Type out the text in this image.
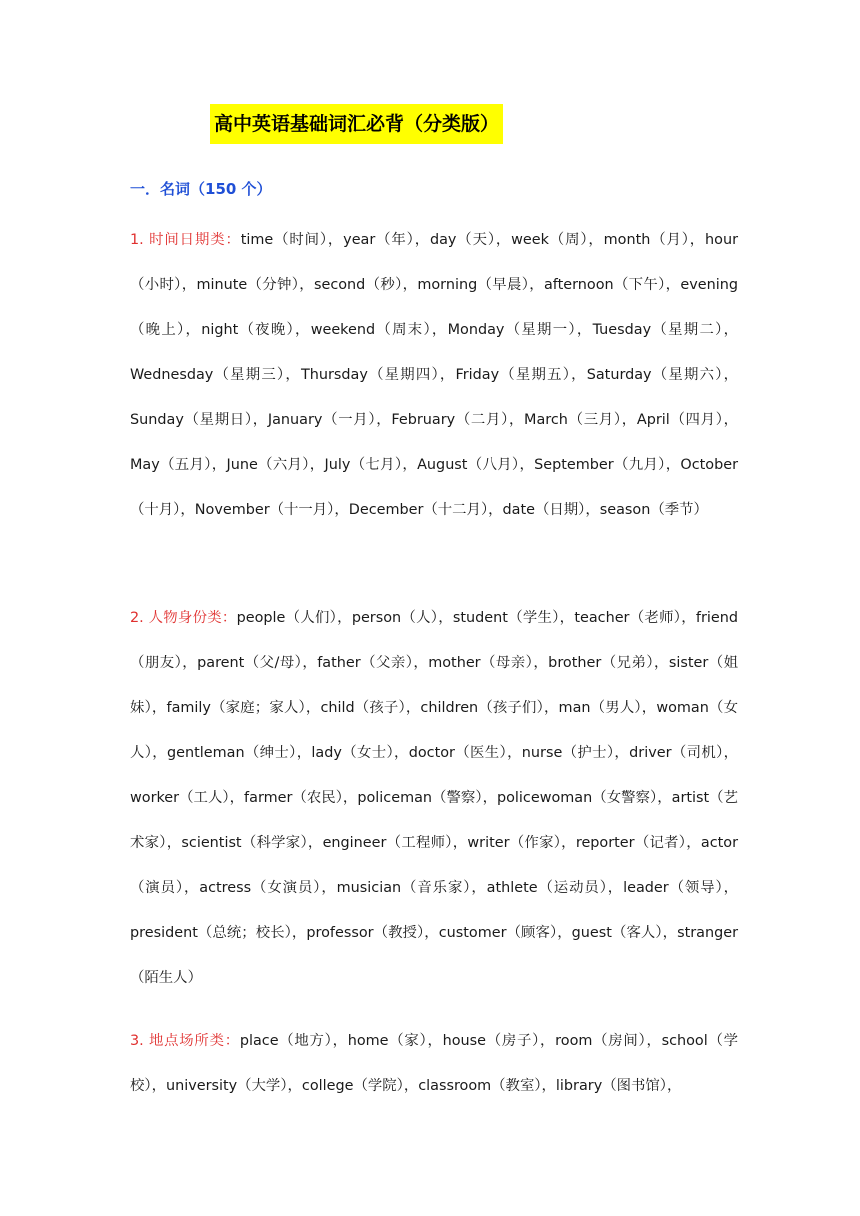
高中英语基础词汇必背（分类版）
一．名词（150 个）

1. 时间日期类：time（时间），year（年），day（天），week（周），month（月），hour（小时），minute（分钟），second（秒），morning（早晨），afternoon（下午），evening（晚上），night（夜晚），weekend（周末），Monday（星期一），Tuesday（星期二），Wednesday（星期三），Thursday（星期四），Friday（星期五），Saturday（星期六），Sunday（星期日），January（一月），February（二月），March（三月），April（四月），May（五月），June（六月），July（七月），August（八月），September（九月），October（十月），November（十一月），December（十二月），date（日期），season（季节）

2. 人物身份类：people（人们），person（人），student（学生），teacher（老师），friend（朋友），parent（父/母），father（父亲），mother（母亲），brother（兄弟），sister（姐妹），family（家庭；家人），child（孩子），children（孩子们），man（男人），woman（女人），gentleman（绅士），lady（女士），doctor（医生），nurse（护士），driver（司机），worker（工人），farmer（农民），policeman（警察），policewoman（女警察），artist（艺术家），scientist（科学家），engineer（工程师），writer（作家），reporter（记者），actor（演员），actress（女演员），musician（音乐家），athlete（运动员），leader（领导），president（总统；校长），professor（教授），customer（顾客），guest（客人），stranger（陌生人）

3. 地点场所类：place（地方），home（家），house（房子），room（房间），school（学校），university（大学），college（学院），classroom（教室），library（图书馆），
